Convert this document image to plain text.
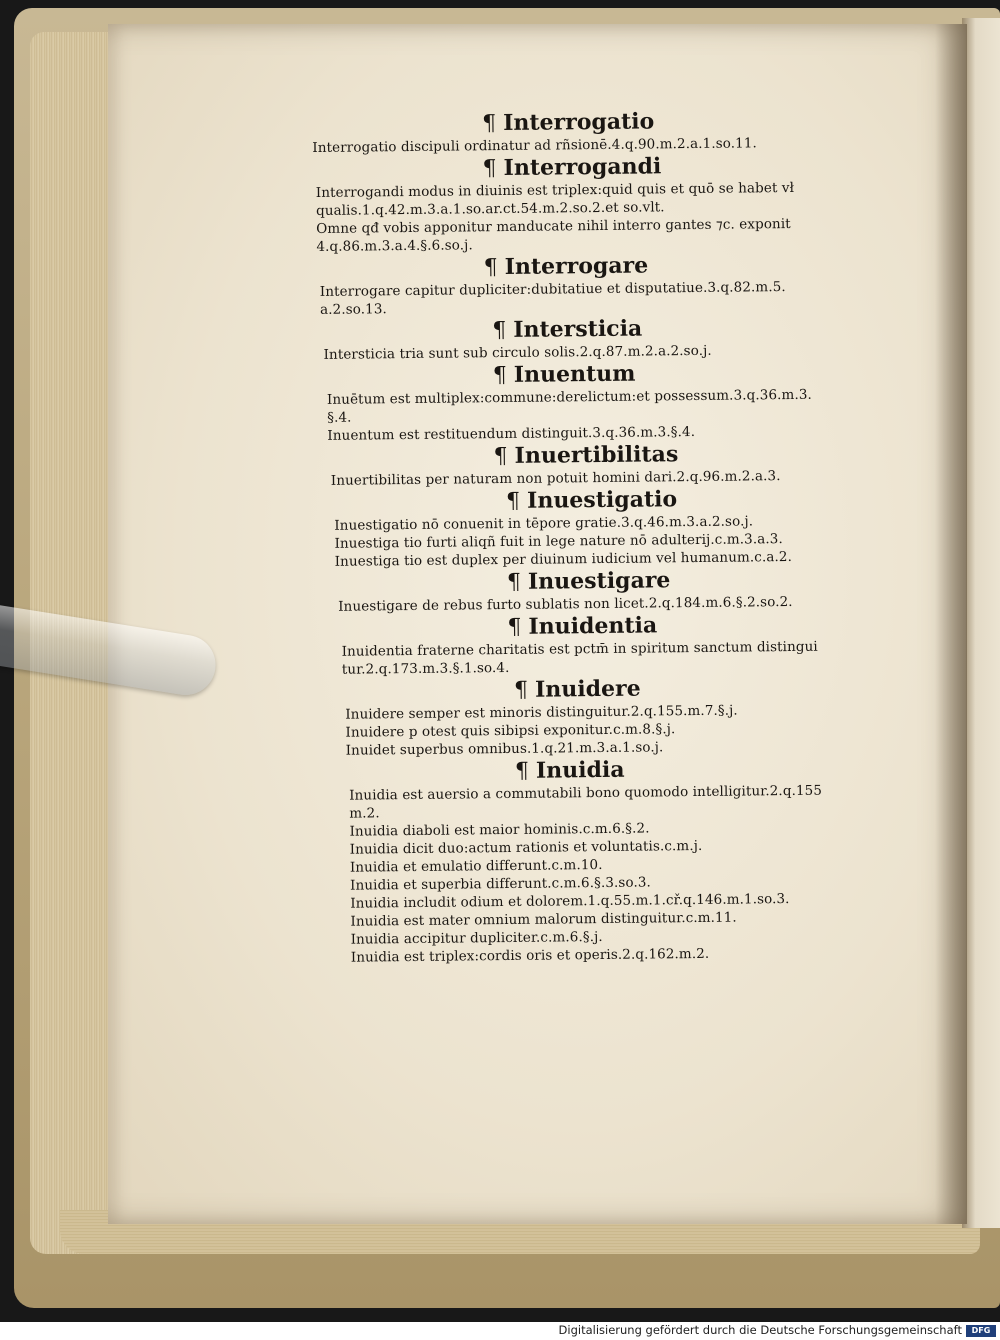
¶ Interrogatio
Interrogatio discipuli ordinatur ad rñsionē.4.q.90.m.2.a.1.so.11.
¶ Interrogandi
Interrogandi modus in diuinis est triplex:quid quis et quō se habet vł
qualis.1.q.42.m.3.a.1.so.ar.ct.54.m.2.so.2.et so.vlt.
Omne qđ vobis apponitur manducate nihil interro gantes ⁊c. exponit
4.q.86.m.3.a.4.§.6.so.j.
¶ Interrogare
Interrogare capitur dupliciter:dubitatiue et disputatiue.3.q.82.m.5.
a.2.so.13.
¶ Intersticia
Intersticia tria sunt sub circulo solis.2.q.87.m.2.a.2.so.j.
¶ Inuentum
Inuētum est multiplex:commune:derelictum:et possessum.3.q.36.m.3.
§.4.
Inuentum est restituendum distinguit.3.q.36.m.3.§.4.
¶ Inuertibilitas
Inuertibilitas per naturam non potuit homini dari.2.q.96.m.2.a.3.
¶ Inuestigatio
Inuestigatio nō conuenit in tēpore gratie.3.q.46.m.3.a.2.so.j.
Inuestiga tio furti aliqñ fuit in lege nature nō adulterij.c.m.3.a.3.
Inuestiga tio est duplex per diuinum iudicium vel humanum.c.a.2.
¶ Inuestigare
Inuestigare de rebus furto sublatis non licet.2.q.184.m.6.§.2.so.2.
¶ Inuidentia
Inuidentia fraterne charitatis est pctm̄ in spiritum sanctum distingui
tur.2.q.173.m.3.§.1.so.4.
¶ Inuidere
Inuidere semper est minoris distinguitur.2.q.155.m.7.§.j.
Inuidere p otest quis sibipsi exponitur.c.m.8.§.j.
Inuidet superbus omnibus.1.q.21.m.3.a.1.so.j.
¶ Inuidia
Inuidia est auersio a commutabili bono quomodo intelligitur.2.q.155
m.2.
Inuidia diaboli est maior hominis.c.m.6.§.2.
Inuidia dicit duo:actum rationis et voluntatis.c.m.j.
Inuidia et emulatio differunt.c.m.10.
Inuidia et superbia differunt.c.m.6.§.3.so.3.
Inuidia includit odium et dolorem.1.q.55.m.1.cř.q.146.m.1.so.3.
Inuidia est mater omnium malorum distinguitur.c.m.11.
Inuidia accipitur dupliciter.c.m.6.§.j.
Inuidia est triplex:cordis oris et operis.2.q.162.m.2.
Digitalisierung gefördert durch die Deutsche Forschungsgemeinschaft	DFG
